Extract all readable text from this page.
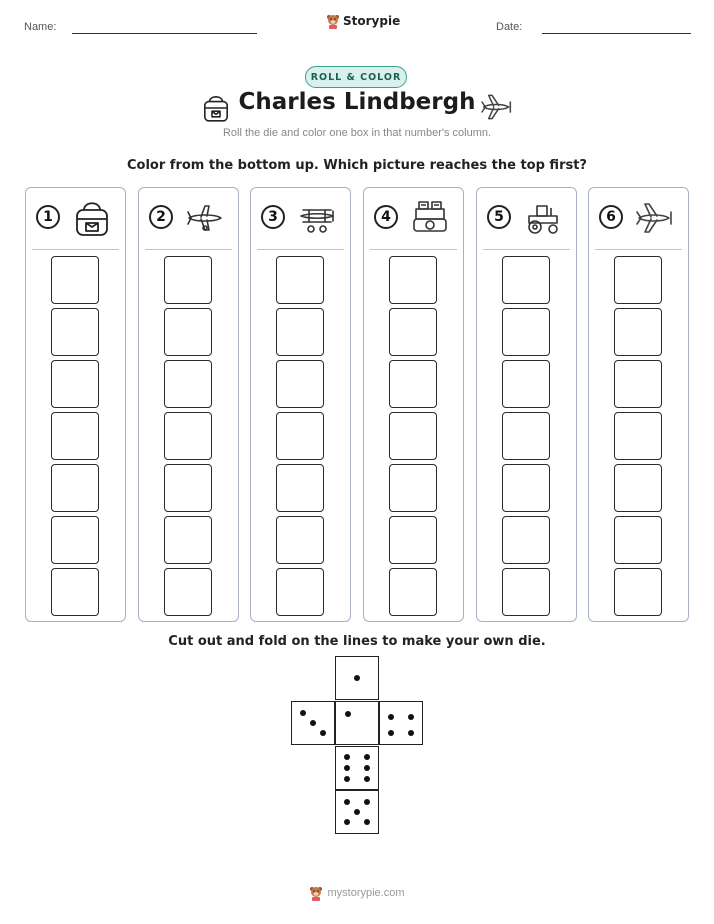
Name:	Storypie	Date:
ROLL & COLOR
Charles Lindbergh
Roll the die and color one box in that number's column.
Color from the bottom up. Which picture reaches the top first?
1	2	3	4	5	6
Cut out and fold on the lines to make your own die.
mystorypie.com
